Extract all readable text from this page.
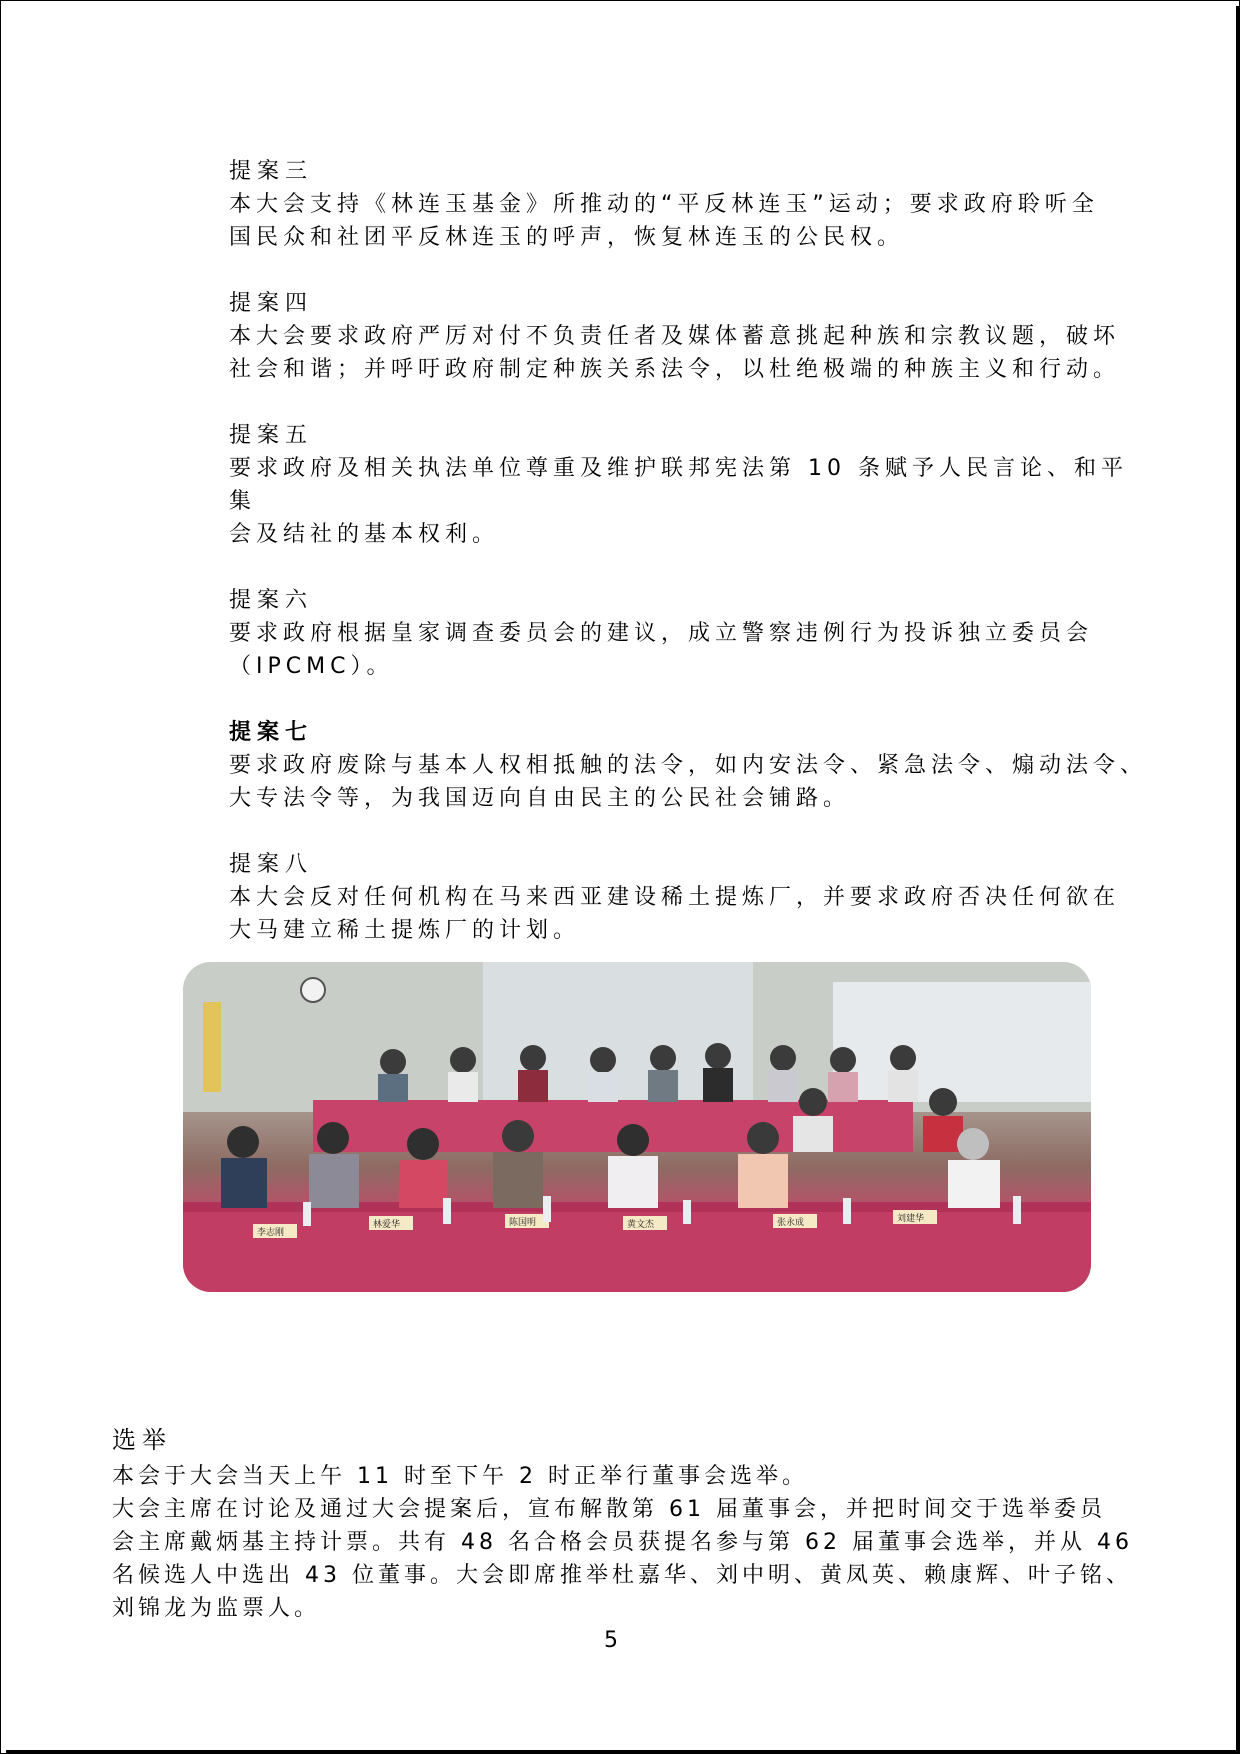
提案三
本大会支持《林连玉基金》所推动的“平反林连玉”运动；要求政府聆听全
国民众和社团平反林连玉的呼声，恢复林连玉的公民权。
提案四
本大会要求政府严厉对付不负责任者及媒体蓄意挑起种族和宗教议题，破坏
社会和谐；并呼吁政府制定种族关系法令，以杜绝极端的种族主义和行动。
提案五
要求政府及相关执法单位尊重及维护联邦宪法第 10 条赋予人民言论、和平集
会及结社的基本权利。
提案六
要求政府根据皇家调查委员会的建议，成立警察违例行为投诉独立委员会
（IPCMC）。
提案七
要求政府废除与基本人权相抵触的法令，如内安法令、紧急法令、煽动法令、
大专法令等，为我国迈向自由民主的公民社会铺路。
提案八
本大会反对任何机构在马来西亚建设稀土提炼厂，并要求政府否决任何欲在
大马建立稀土提炼厂的计划。
李志刚
林爱华	陈国明	黄文杰	张永成	刘建华
选举
本会于大会当天上午 11 时至下午 2 时正举行董事会选举。
大会主席在讨论及通过大会提案后，宣布解散第 61 届董事会，并把时间交于选举委员
会主席戴炳基主持计票。共有 48 名合格会员获提名参与第 62 届董事会选举，并从 46
名候选人中选出 43 位董事。大会即席推举杜嘉华、刘中明、黄凤英、赖康辉、叶子铭、
刘锦龙为监票人。
5
